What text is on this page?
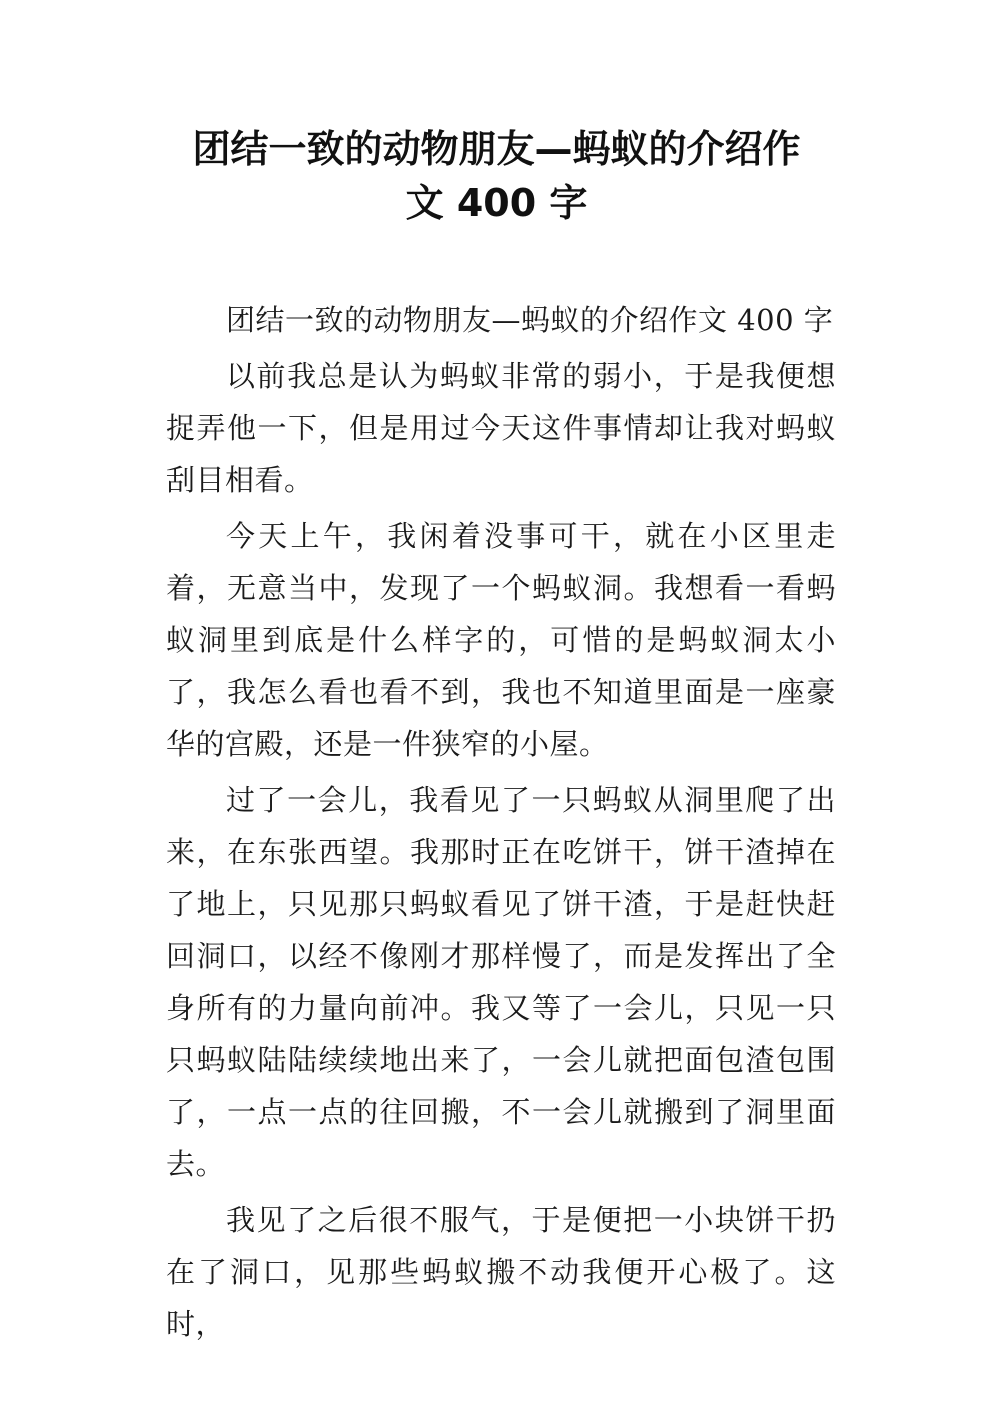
团结一致的动物朋友—蚂蚁的介绍作
文 400 字

团结一致的动物朋友—蚂蚁的介绍作文 400 字

以前我总是认为蚂蚁非常的弱小，于是我便想捉弄他一下，但是用过今天这件事情却让我对蚂蚁刮目相看。

今天上午，我闲着没事可干，就在小区里走着，无意当中，发现了一个蚂蚁洞。我想看一看蚂蚁洞里到底是什么样字的，可惜的是蚂蚁洞太小了，我怎么看也看不到，我也不知道里面是一座豪华的宫殿，还是一件狭窄的小屋。

过了一会儿，我看见了一只蚂蚁从洞里爬了出来，在东张西望。我那时正在吃饼干，饼干渣掉在了地上，只见那只蚂蚁看见了饼干渣，于是赶快赶回洞口，以经不像刚才那样慢了，而是发挥出了全身所有的力量向前冲。我又等了一会儿，只见一只只蚂蚁陆陆续续地出来了，一会儿就把面包渣包围了，一点一点的往回搬，不一会儿就搬到了洞里面去。

我见了之后很不服气，于是便把一小块饼干扔在了洞口，见那些蚂蚁搬不动我便开心极了。这时，
